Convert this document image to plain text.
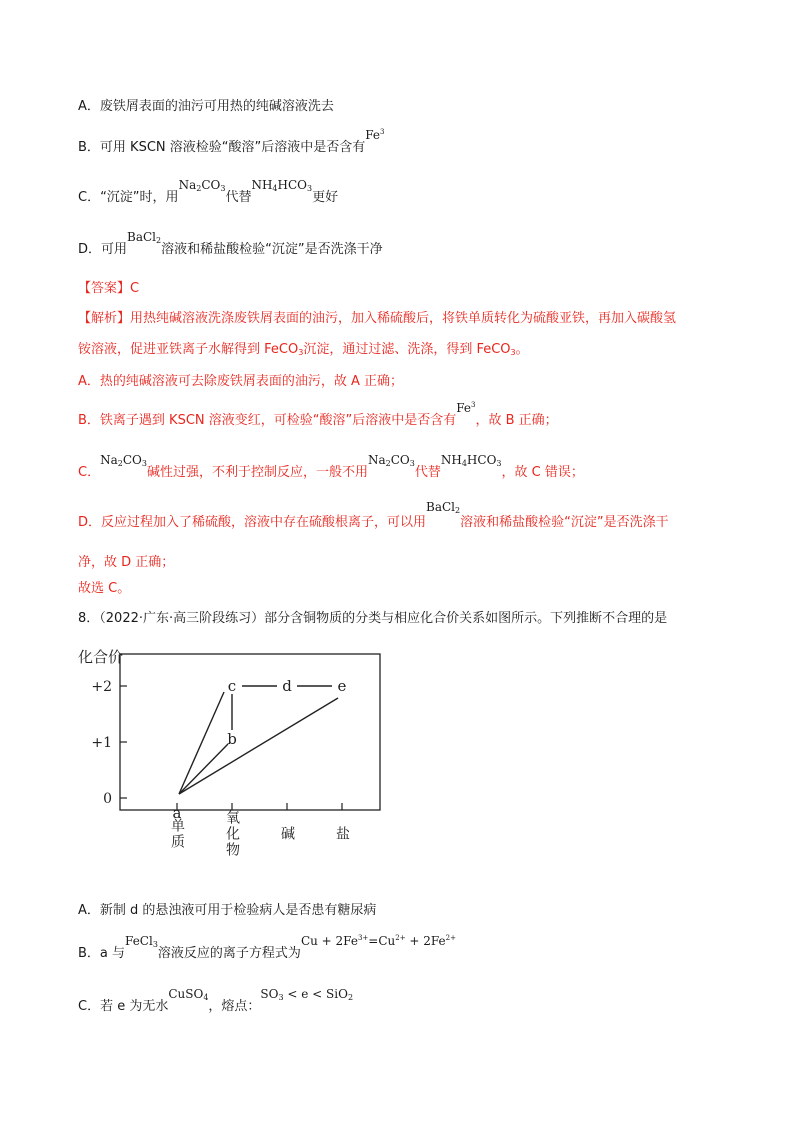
A．废铁屑表面的油污可用热的纯碱溶液洗去
B．可用 KSCN 溶液检验“酸溶”后溶液中是否含有Fe$^3$
C．“沉淀”时，用$Na_2CO_3$代替$NH_4HCO_3$更好
D．可用BaCl$_2$溶液和稀盐酸检验“沉淀”是否洗涤干净
【答案】C
【解析】用热纯碱溶液洗涤废铁屑表面的油污，加入稀硫酸后，将铁单质转化为硫酸亚铁，再加入碳酸氢
铵溶液，促进亚铁离子水解得到 FeCO$_3$沉淀，通过过滤、洗涤，得到 FeCO$_3$。
A．热的纯碱溶液可去除废铁屑表面的油污，故 A 正确；
B．铁离子遇到 KSCN 溶液变红，可检验“酸溶”后溶液中是否含有Fe$^3$，故 B 正确；
C．$Na_2CO_3$碱性过强，不利于控制反应，一般不用$Na_2CO_3$代替$NH_4HCO_3$，故 C 错误；
D．反应过程加入了稀硫酸，溶液中存在硫酸根离子，可以用BaCl$_2$溶液和稀盐酸检验“沉淀”是否洗涤干
净，故 D 正确；
故选 C。
8．（2022·广东·高三阶段练习）部分含铜物质的分类与相应化合价关系如图所示。下列推断不合理的是
化合价
+2
+1
0
单质	氧化物	碱	盐
a
b
c	d	e
A．新制 d 的悬浊液可用于检验病人是否患有糖尿病
B．a 与FeCl$_3$溶液反应的离子方程式为$Cu + 2Fe^{3+}=Cu^{2+} + 2Fe^{2+}$
C．若 e 为无水CuSO$_4$，熔点：$SO_3 < e < SiO_2$
